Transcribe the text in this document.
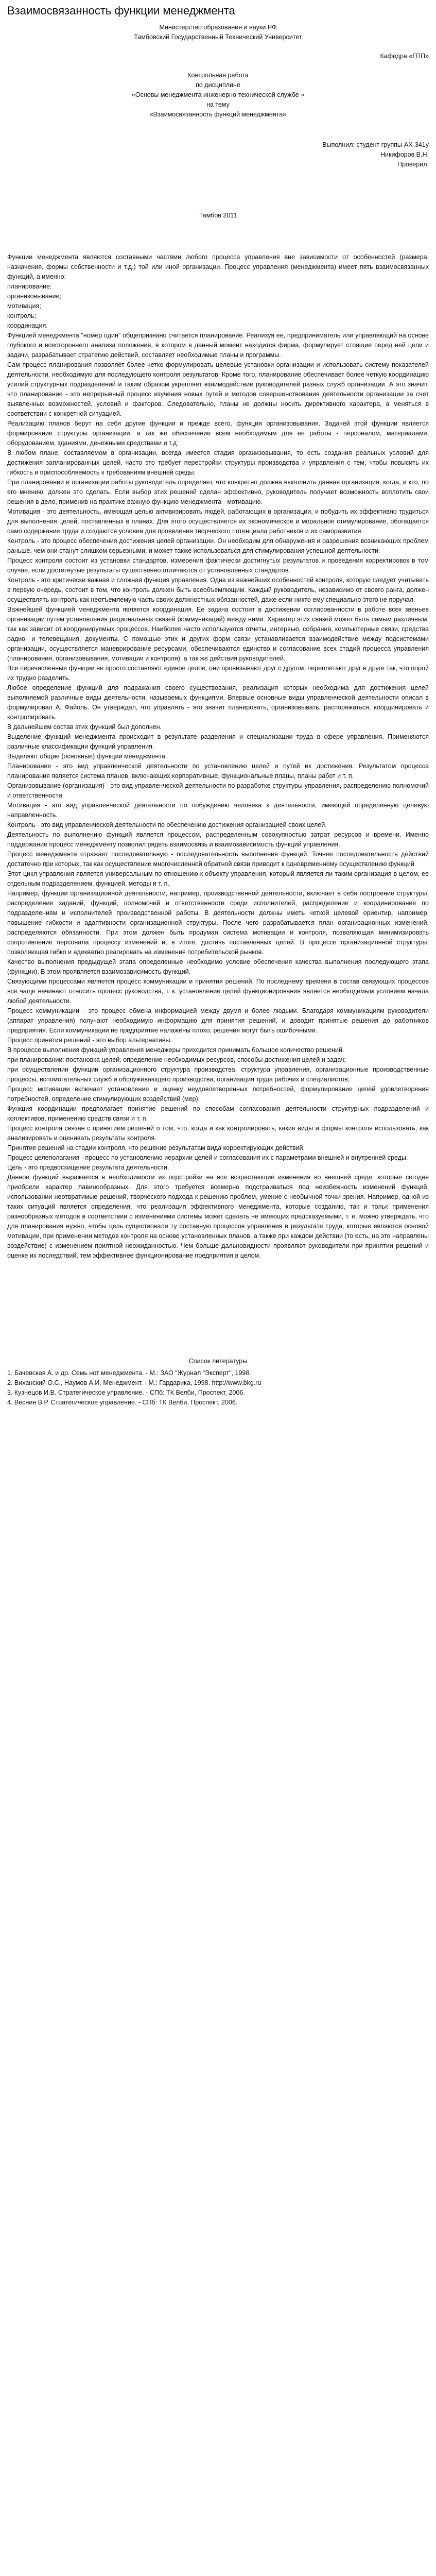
Взаимосвязанность функции менеджмента

Министерство образования и науки РФ

Тамбовский Государственный Технический Университет

Кафедра «ГПП»

Контрольная работа

по дисциплине

«Основы менеджмента инженерно-технической службе »

на тему

«Взаимосвязанность функций менеджмента»

Выполнил: студент группы-АХ-341у

Никифоров В.Н.

Проверил:

Тамбов 2011

Функции менеджмента являются составными частями любого процесса управления вне зависимости от особенностей (размера, назначения, формы собственности и т.д.) той или иной организации. Процесс управления (менеджмента) имеет пять взаимосвязанных функций, а именно:

планирование;

организовывание;

мотивация;

контроль;

координация.

Функцией менеджмента "номер один" общепризнано считается планирование. Реализуя ее, предприниматель или управляющий на основе глубокого и всестороннего анализа положения, в котором в данный момент находится фирма, формулирует стоящие перед ней цели и задачи, разрабатывает стратегию действий, составляет необходимые планы и программы.

Сам процесс планирования позволяет более четко формулировать целевые установки организации и использовать систему показателей деятельности, необходимую для последующего контроля результатов. Кроме того, планирование обеспечивает более четкую координацию усилий структурных подразделений и таким образом укрепляет взаимодействие руководителей разных служб организации. А это значит, что планирование - это непрерывный процесс изучения новых путей и методов совершенствования деятельности организации за счет выявленных возможностей, условий и факторов. Следовательно, планы не должны носить директивного характера, а меняться в соответствии с конкретной ситуацией.

Реализацию планов берут на себя другие функции и прежде всего, функция организовывания. Задачей этой функции является формирование структуры организации, а так же обеспечение всем необходимым для ее работы - персоналом, материалами, оборудованием, зданиями, денежными средствами и т.д.

В любом плане, составляемом в организации, всегда имеется стадия организовывания, то есть создания реальных условий для достижения запланированных целей, часто это требует перестройки структуры производства и управления с тем, чтобы повысить их гибкость и приспособляемость к требованиям внешней среды.

При планировании и организации работы руководитель определяет, что конкретно должна выполнить данная организация, когда, и кто, по его мнению, должен это сделать. Если выбор этих решений сделан эффективно, руководитель получает возможность воплотить свои решения в дело, применив на практике важную функцию менеджмента - мотивацию.

Мотивация - это деятельность, имеющая целью активизировать людей, работающих в организации, и побудить их эффективно трудиться для выполнения целей, поставленных в планах. Для этого осуществляется их экономическое и моральное стимулирование, обогащается само содержание труда и создаются условия для проявления творческого потенциала работников и их саморазвития.

Контроль - это процесс обеспечения достижения целей организации. Он необходим для обнаружения и разрешения возникающих проблем раньше, чем они станут слишком серьезными, и может также использоваться для стимулирования успешной деятельности.

Процесс контроля состоит из установки стандартов, измерения фактически достигнутых результатов и проведения корректировок в том случае, если достигнутые результаты существенно отличаются от установленных стандартов.

Контроль - это критически важная и сложная функция управления. Одна из важнейших особенностей контроля, которую следует учитывать в первую очередь, состоит в том, что контроль должен быть всеобъемлющим. Каждый руководитель, независимо от своего ранга, должен осуществлять контроль как неотъемлемую часть своих должностных обязанностей, даже если никто ему специально этого не поручал.

Важнейшей функцией менеджмента является координация. Ее задача состоит в достижении согласованности в работе всех звеньев организации путем установления рациональных связей (коммуникаций) между ними. Характер этих связей может быть самым различным, так как зависит от координируемых процессов. Наиболее часто используются отчеты, интервью, собрания, компьютерные связи, средства радио- и телевещания, документы. С помощью этих и других форм связи устанавливается взаимодействие между подсистемами организации, осуществляется маневрирование ресурсами, обеспечиваются единство и согласование всех стадий процесса управления (планирования, организовывания, мотивации и контроля), а так же действия руководителей.

Все перечисленные функции не просто составляют единое целое, они пронизывают друг с другом, переплетают друг в друге так, что порой их трудно разделить.

Любое определение функций для подражания своего существования, реализация которых необходима для достижения целей выполняемой различные виды деятельности, называемых функциями. Впервые основные виды управленческой деятельности описал в формулировал А. Файоль. Он утверждал, что управлять - это значит планировать, организовывать, распоряжаться, координировать и контролировать.

В дальнейшем состав этих функций был дополнен.

Выделение функций менеджмента происходит в результате разделения и специализации труда в сфере управления. Применяются различные классификации функций управления.

Выделяют общие (основные) функции менеджмента.

Планирование - это вид управленческой деятельности по установлению целей и путей их достижения. Результатом процесса планирования является система планов, включающих корпоративные, функциональные планы, планы работ и т. п.

Организовывание (организация) - это вид управленческой деятельности по разработке структуры управления, распределению полномочий и ответственности.

Мотивация - это вид управленческой деятельности по побуждению человека к деятельности, имеющей определенную целевую направленность.

Контроль - это вид управленческой деятельности по обеспечению достижения организацией своих целей.

Деятельность по выполнению функций является процессом, распределенным совокупностью затрат ресурсов и времени. Именно поддержание процесс менеджменту позволил рядеть взаимосвязь и взаимозависимость функций управления.

Процесс менеджмента отражает последовательную - последовательность выполнения функций. Точнее последовательность действий достаточно при которых, так как осуществление многочисленной обратной связи приводит к одновременному осуществлению функций.

Этот цикл управления является универсальным по отношению к объекту управления, который является ли таким организация в целом, ее отдельным подразделением, функцией, методы и т. п.

Например, функции организационной деятельности, например, производственной деятельности, включает в себя построение структуры, распределение заданий, функций, полномочий и ответственности среди исполнителей, распределение и координирование по подразделениям и исполнителей производственной работы. В деятельности должны иметь четкой целевой ориентир, например, повышение гибкости и адаптивности организационной структуры. После чего разрабатывается план организационных изменений, распределяются обязанности. При этом должен быть продуман система мотивации и контроля, позволяющая минимизировать сопротивление персонала процессу изменений и, в итоге, достичь поставленных целей. В процессе организационной структуры, позволяющая гибко и адекватно реагировать на изменения потребительской рынков.

Качество выполнения предыдущей этапа определенные необходимо условие обеспечения качества выполнения последующего этапа (функции). В этом проявляется взаимозависимость функций.

Связующими процессами является процесс коммуникации и принятия решений. По последнему времени в состав связующих процессов все чаще начинают относить процесс руководства, т. к. установление целей функционирования является необходимым условием начала любой деятельности.

Процесс коммуникации - это процесс обмена информацией между двумя и более людьми. Благодаря коммуникациям руководители (аппарат управления) получают необходимую информацию для принятия решений, и доводит принятые решения до работников предприятия. Если коммуникации не предприятие налажены плохо, решения могут быть ошибочными.

Процесс принятия решений - это выбор альтернативы.

В процессе выполнения функций управления менеджеры приходится принимать большое количество решений.

при планировании: постановка целей, определение необходимых ресурсов, способы достижения целей и задач;

при осуществлении функции организационного структура производства, структура управления, организационные производственные процессы, вспомогательных служб и обслуживающего производства, организация труда рабочих и специалистов;

Процесс мотивации включает установление и оценку неудовлетворенных потребностей, формулирование целей удовлетворения потребностей, определение стимулирующих воздействий (мер).

Функция координации предполагает принятие решений по способам согласования деятельности структурных подразделений и коллективов, применению средств связи и т. п.

Процесс контроля связан с принятием решений о том, что, когда и как контролировать, какие виды и формы контроля использовать, как анализировать и оценивать результаты контроля.

Принятие решений на стадии контроля, что решение результатам вида корректирующих действий.

Процесс целеполагания - процесс по установлению иерархии целей и согласования их с параметрами внешней и внутренней среды.

Цель - это предвосхищение результата деятельности.

Данное функций выражается в необходимости их подстройки на все возрастающие изменения во внешней среде, которые сегодня приобрели характер лавинообразных. Для этого требуется всемерно подстраиваться под неизбежность изменений функций, использовании неотвратимые решений, творческого подхода к решению проблем, умение с необычной точки зрения. Например, одной из таких ситуаций является определения, что реализация эффективного менеджмента, которые созданию, так и тольк применения разнообразных методов в соответствии с изменениями системы может сделать не имеющих предсказуемыми, т. е. можно утверждать, что для планирования нужно, чтобы цель существовали ту составную процессов управления в результате труда, которые являются основой мотивации, при применении методов контроля на основе установленных планов, а также при каждом действии (то есть, на это направлены воздействие) с изменением приятной неожиданностью. Чем больше дальновидности проявляют руководители при принятии решений и оценке их последствий, тем эффективнее функционирование предприятия в целом.

Список литературы

1. Бачевская А. и др. Семь нот менеджмента. - М.: ЗАО "Журнал "Эксперт", 1998.

2. Виханский О.С., Наумов А.И. Менеджмент. - М.: Гардарика, 1998. http://www.bkg.ru

3. Кузнецов И.В. Стратегическое управление. - СПб: ТК Велби, Проспект, 2006.

4. Веснин В.Р. Стратегическое управление. - СПб: ТК Велби, Проспект, 2006.
